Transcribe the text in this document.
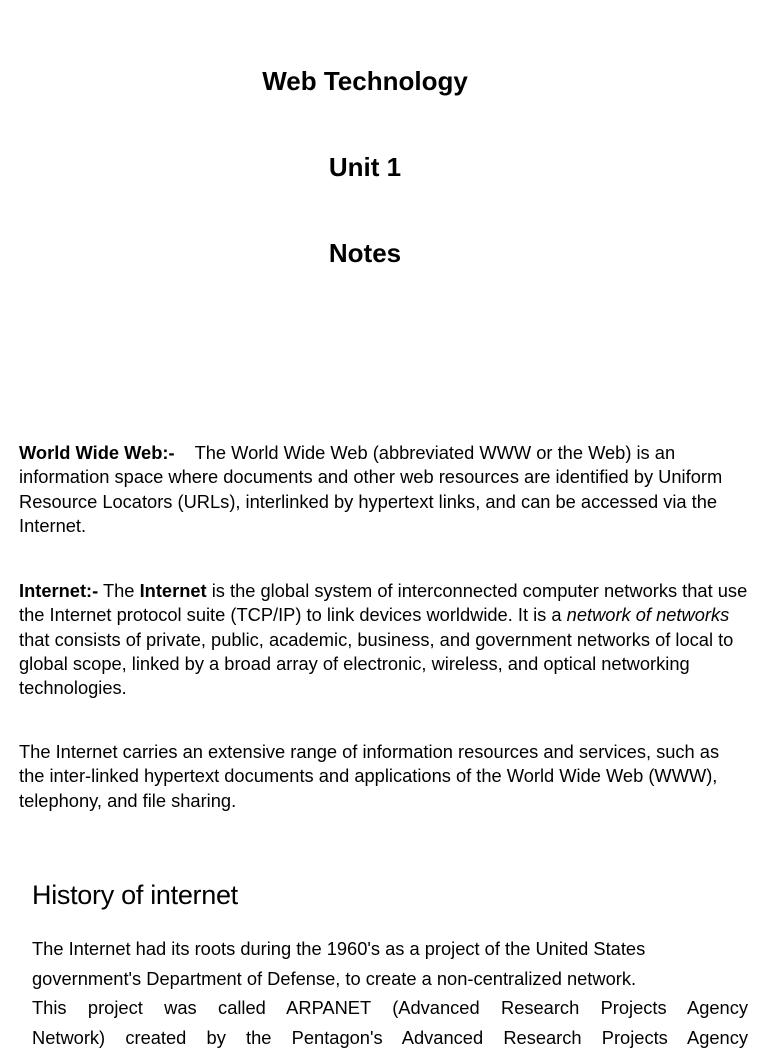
Web Technology
Unit 1
Notes

World Wide Web:- The World Wide Web (abbreviated WWW or the Web) is an information space where documents and other web resources are identified by Uniform Resource Locators (URLs), interlinked by hypertext links, and can be accessed via the Internet.

Internet:- The Internet is the global system of interconnected computer networks that use the Internet protocol suite (TCP/IP) to link devices worldwide. It is a network of networks that consists of private, public, academic, business, and government networks of local to global scope, linked by a broad array of electronic, wireless, and optical networking technologies.

The Internet carries an extensive range of information resources and services, such as the inter-linked hypertext documents and applications of the World Wide Web (WWW), telephony, and file sharing.

History of internet

The Internet had its roots during the 1960's as a project of the United States
government's Department of Defense, to create a non-centralized network.
This project was called ARPANET (Advanced Research Projects Agency
Network) created by the Pentagon's Advanced Research Projects Agency
